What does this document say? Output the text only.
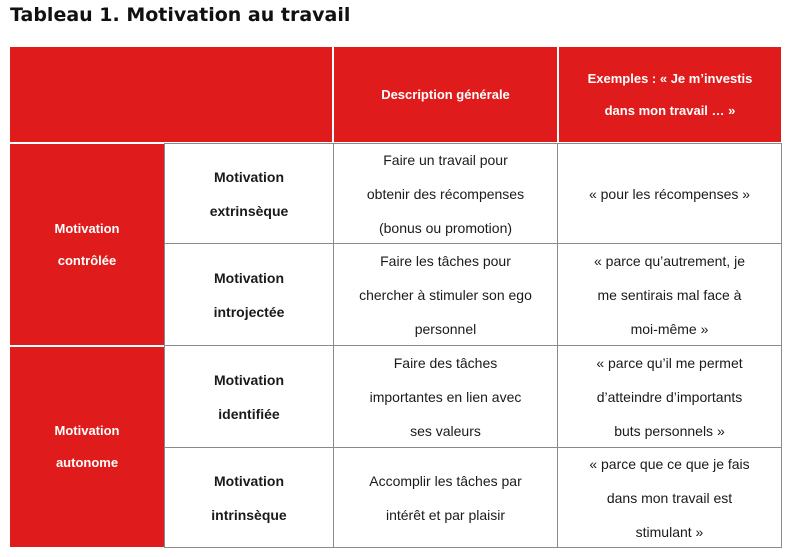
Tableau 1. Motivation au travail
Description générale
Exemples : « Je m’investis
dans mon travail … »
Motivation
contrôlée
Motivation
autonome
Motivation
extrinsèque
Faire un travail pour
obtenir des récompenses
(bonus ou promotion)
« pour les récompenses »
Motivation
introjectée
Faire les tâches pour
chercher à stimuler son ego
personnel
« parce qu’autrement, je
me sentirais mal face à
moi-même »
Motivation
identifiée
Faire des tâches
importantes en lien avec
ses valeurs
« parce qu’il me permet
d’atteindre d’importants
buts personnels »
Motivation
intrinsèque
Accomplir les tâches par
intérêt et par plaisir
« parce que ce que je fais
dans mon travail est
stimulant »
